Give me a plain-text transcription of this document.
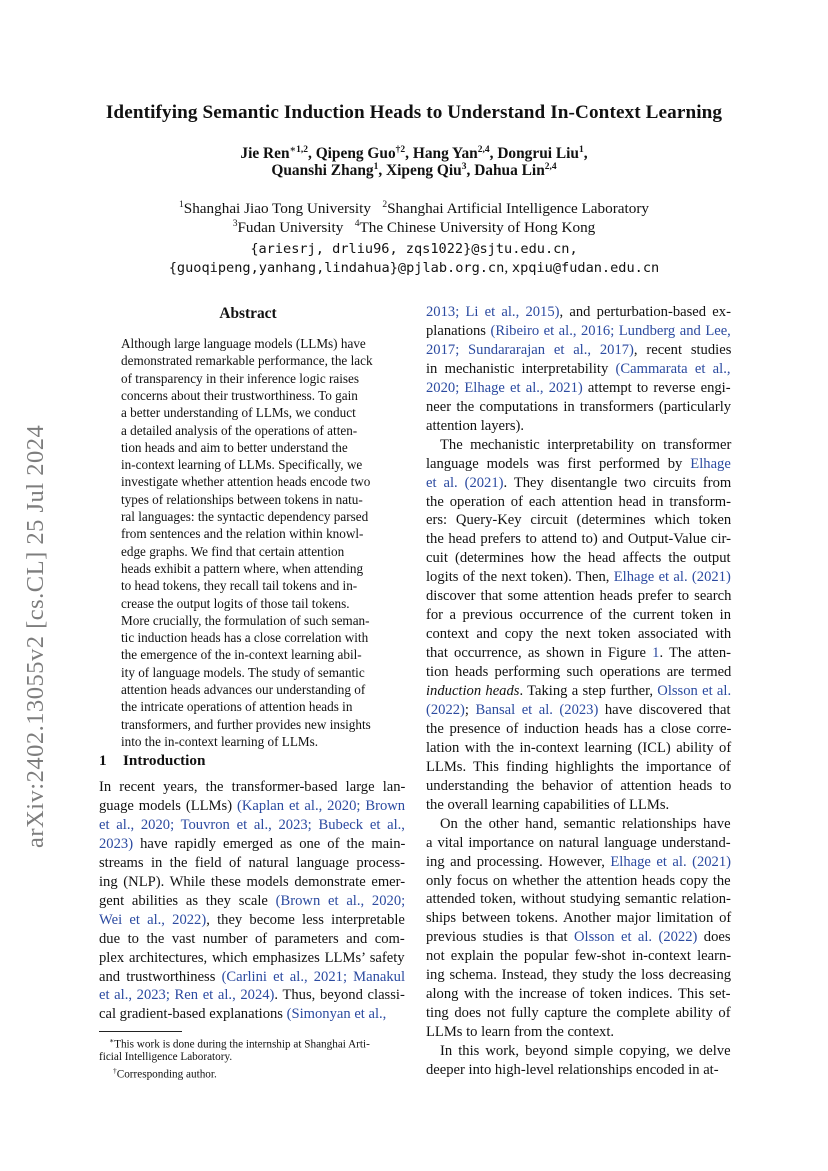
arXiv:2402.13055v2 [cs.CL] 25 Jul 2024
Identifying Semantic Induction Heads to Understand In-Context Learning
Jie Ren$^{∗1,2}$, Qipeng Guo$^{\dagger 2}$, Hang Yan$^{2,4}$, Dongrui Liu$^1$,
Quanshi Zhang$^1$, Xipeng Qiu$^3$, Dahua Lin$^{2,4}$
$^1$Shanghai Jiao Tong University   $^2$Shanghai Artificial Intelligence Laboratory
$^3$Fudan University   $^4$The Chinese University of Hong Kong
{ariesrj, drliu96, zqs1022}@sjtu.edu.cn,
{guoqipeng,yanhang,lindahua}@pjlab.org.cn, xpqiu@fudan.edu.cn
Abstract
Although large language models (LLMs) have
demonstrated remarkable performance, the lack
of transparency in their inference logic raises
concerns about their trustworthiness. To gain
a better understanding of LLMs, we conduct
a detailed analysis of the operations of atten-
tion heads and aim to better understand the
in-context learning of LLMs. Specifically, we
investigate whether attention heads encode two
types of relationships between tokens in natu-
ral languages: the syntactic dependency parsed
from sentences and the relation within knowl-
edge graphs. We find that certain attention
heads exhibit a pattern where, when attending
to head tokens, they recall tail tokens and in-
crease the output logits of those tail tokens.
More crucially, the formulation of such seman-
tic induction heads has a close correlation with
the emergence of the in-context learning abil-
ity of language models. The study of semantic
attention heads advances our understanding of
the intricate operations of attention heads in
transformers, and further provides new insights
into the in-context learning of LLMs.
1 Introduction
In recent years, the transformer-based large lan-
guage models (LLMs) (Kaplan et al., 2020; Brown
et al., 2020; Touvron et al., 2023; Bubeck et al.,
2023) have rapidly emerged as one of the main-
streams in the field of natural language process-
ing (NLP). While these models demonstrate emer-
gent abilities as they scale (Brown et al., 2020;
Wei et al., 2022), they become less interpretable
due to the vast number of parameters and com-
plex architectures, which emphasizes LLMs’ safety
and trustworthiness (Carlini et al., 2021; Manakul
et al., 2023; Ren et al., 2024). Thus, beyond classi-
cal gradient-based explanations (Simonyan et al.,
∗This work is done during the internship at Shanghai Arti-
ficial Intelligence Laboratory.
†Corresponding author.
2013; Li et al., 2015), and perturbation-based ex-
planations (Ribeiro et al., 2016; Lundberg and Lee,
2017; Sundararajan et al., 2017), recent studies
in mechanistic interpretability (Cammarata et al.,
2020; Elhage et al., 2021) attempt to reverse engi-
neer the computations in transformers (particularly
attention layers).
The mechanistic interpretability on transformer
language models was first performed by Elhage
et al. (2021). They disentangle two circuits from
the operation of each attention head in transform-
ers: Query-Key circuit (determines which token
the head prefers to attend to) and Output-Value cir-
cuit (determines how the head affects the output
logits of the next token). Then, Elhage et al. (2021)
discover that some attention heads prefer to search
for a previous occurrence of the current token in
context and copy the next token associated with
that occurrence, as shown in Figure 1. The atten-
tion heads performing such operations are termed
induction heads. Taking a step further, Olsson et al.
(2022); Bansal et al. (2023) have discovered that
the presence of induction heads has a close corre-
lation with the in-context learning (ICL) ability of
LLMs. This finding highlights the importance of
understanding the behavior of attention heads to
the overall learning capabilities of LLMs.
On the other hand, semantic relationships have
a vital importance on natural language understand-
ing and processing. However, Elhage et al. (2021)
only focus on whether the attention heads copy the
attended token, without studying semantic relation-
ships between tokens. Another major limitation of
previous studies is that Olsson et al. (2022) does
not explain the popular few-shot in-context learn-
ing schema. Instead, they study the loss decreasing
along with the increase of token indices. This set-
ting does not fully capture the complete ability of
LLMs to learn from the context.
In this work, beyond simple copying, we delve
deeper into high-level relationships encoded in at-
